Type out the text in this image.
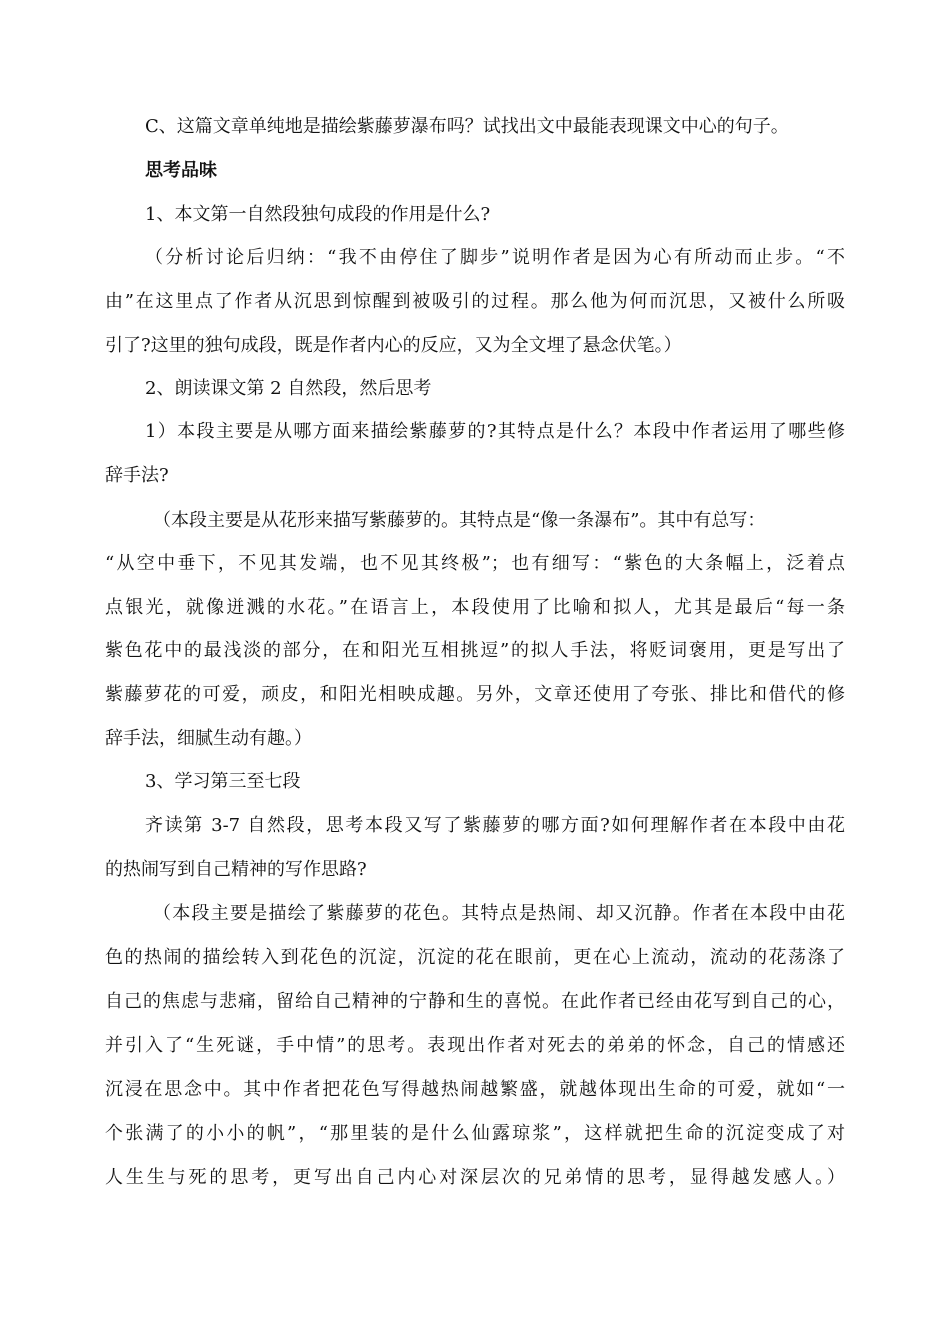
C、这篇文章单纯地是描绘紫藤萝瀑布吗？试找出文中最能表现课文中心的句子。
思考品味
1、本文第一自然段独句成段的作用是什么?
（分析讨论后归纳：“我不由停住了脚步”说明作者是因为心有所动而止步。“不
由”在这里点了作者从沉思到惊醒到被吸引的过程。那么他为何而沉思，又被什么所吸
引了?这里的独句成段，既是作者内心的反应，又为全文埋了悬念伏笔。）
2、朗读课文第 2 自然段，然后思考
1）本段主要是从哪方面来描绘紫藤萝的?其特点是什么？本段中作者运用了哪些修
辞手法?
（本段主要是从花形来描写紫藤萝的。其特点是“像一条瀑布”。其中有总写：
“从空中垂下，不见其发端，也不见其终极”；也有细写：“紫色的大条幅上，泛着点
点银光，就像迸溅的水花。”在语言上，本段使用了比喻和拟人，尤其是最后“每一条
紫色花中的最浅淡的部分，在和阳光互相挑逗”的拟人手法，将贬词褒用，更是写出了
紫藤萝花的可爱，顽皮，和阳光相映成趣。另外，文章还使用了夸张、排比和借代的修
辞手法，细腻生动有趣。）
3、学习第三至七段
齐读第 3-7 自然段，思考本段又写了紫藤萝的哪方面?如何理解作者在本段中由花
的热闹写到自己精神的写作思路?
（本段主要是描绘了紫藤萝的花色。其特点是热闹、却又沉静。作者在本段中由花
色的热闹的描绘转入到花色的沉淀，沉淀的花在眼前，更在心上流动，流动的花荡涤了
自己的焦虑与悲痛，留给自己精神的宁静和生的喜悦。在此作者已经由花写到自己的心，
并引入了“生死谜，手中情”的思考。表现出作者对死去的弟弟的怀念，自己的情感还
沉浸在思念中。其中作者把花色写得越热闹越繁盛，就越体现出生命的可爱，就如“一
个张满了的小小的帆”，“那里装的是什么仙露琼浆”，这样就把生命的沉淀变成了对
人生生与死的思考，更写出自己内心对深层次的兄弟情的思考，显得越发感人。）
